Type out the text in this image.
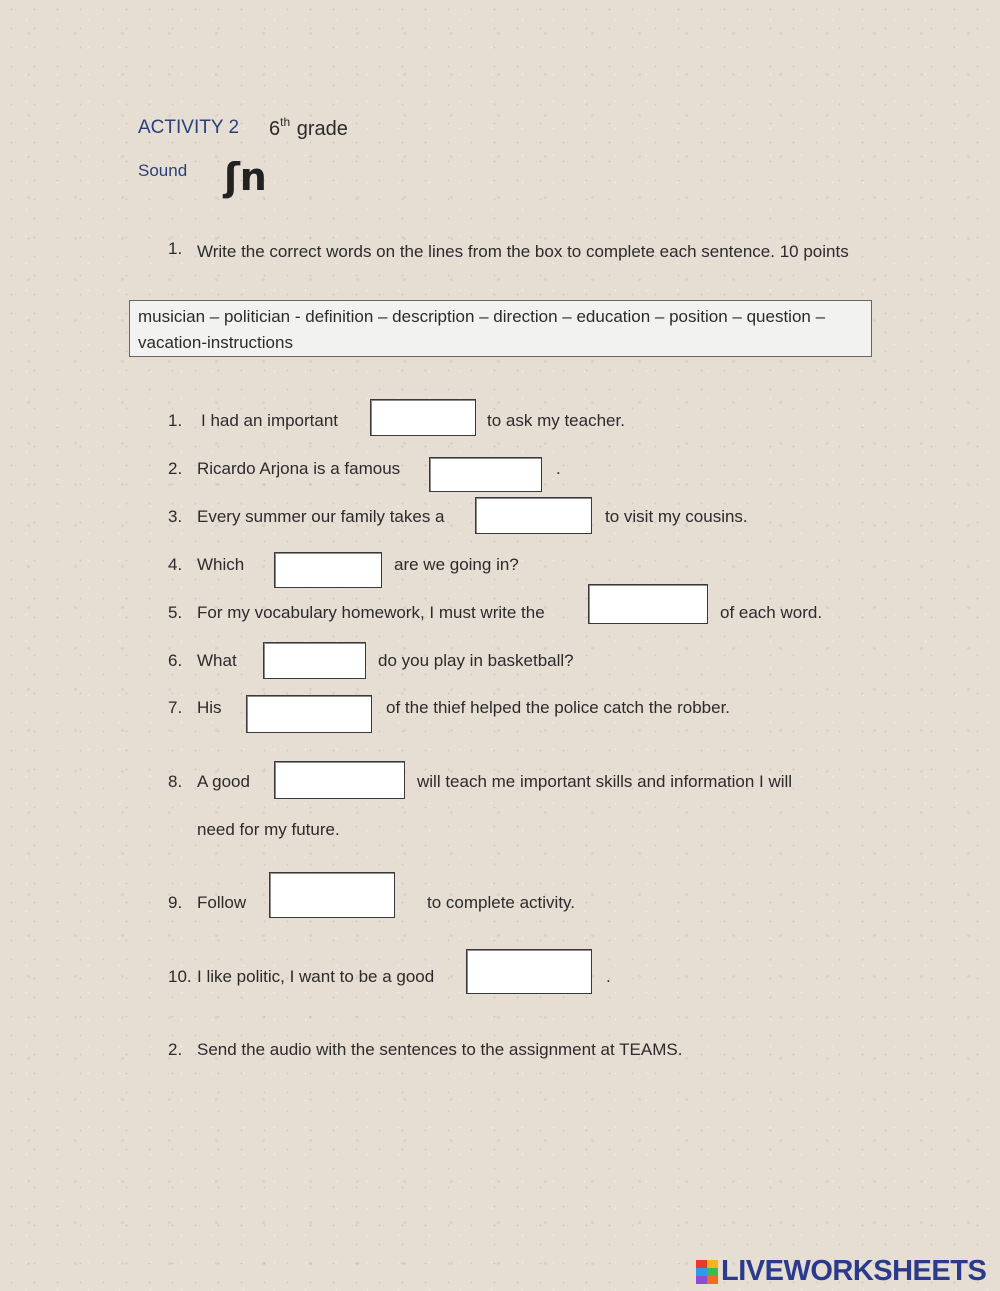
ACTIVITY 2 6th grade
Sound ʃn
1. Write the correct words on the lines from the box to complete each sentence. 10 points
musician – politician - definition – description – direction – education – position – question – vacation-instructions
1. I had an important	to ask my teacher.
2. Ricardo Arjona is a famous	.
3. Every summer our family takes a	to visit my cousins.
4. Which	are we going in?
5. For my vocabulary homework, I must write the	of each word.
6. What	do you play in basketball?
7. His	of the thief helped the police catch the robber.
8. A good	will teach me important skills and information I will
need for my future.
9. Follow	to complete activity.
10. I like politic, I want to be a good	.
2. Send the audio with the sentences to the assignment at TEAMS.
LIVEWORKSHEETS
